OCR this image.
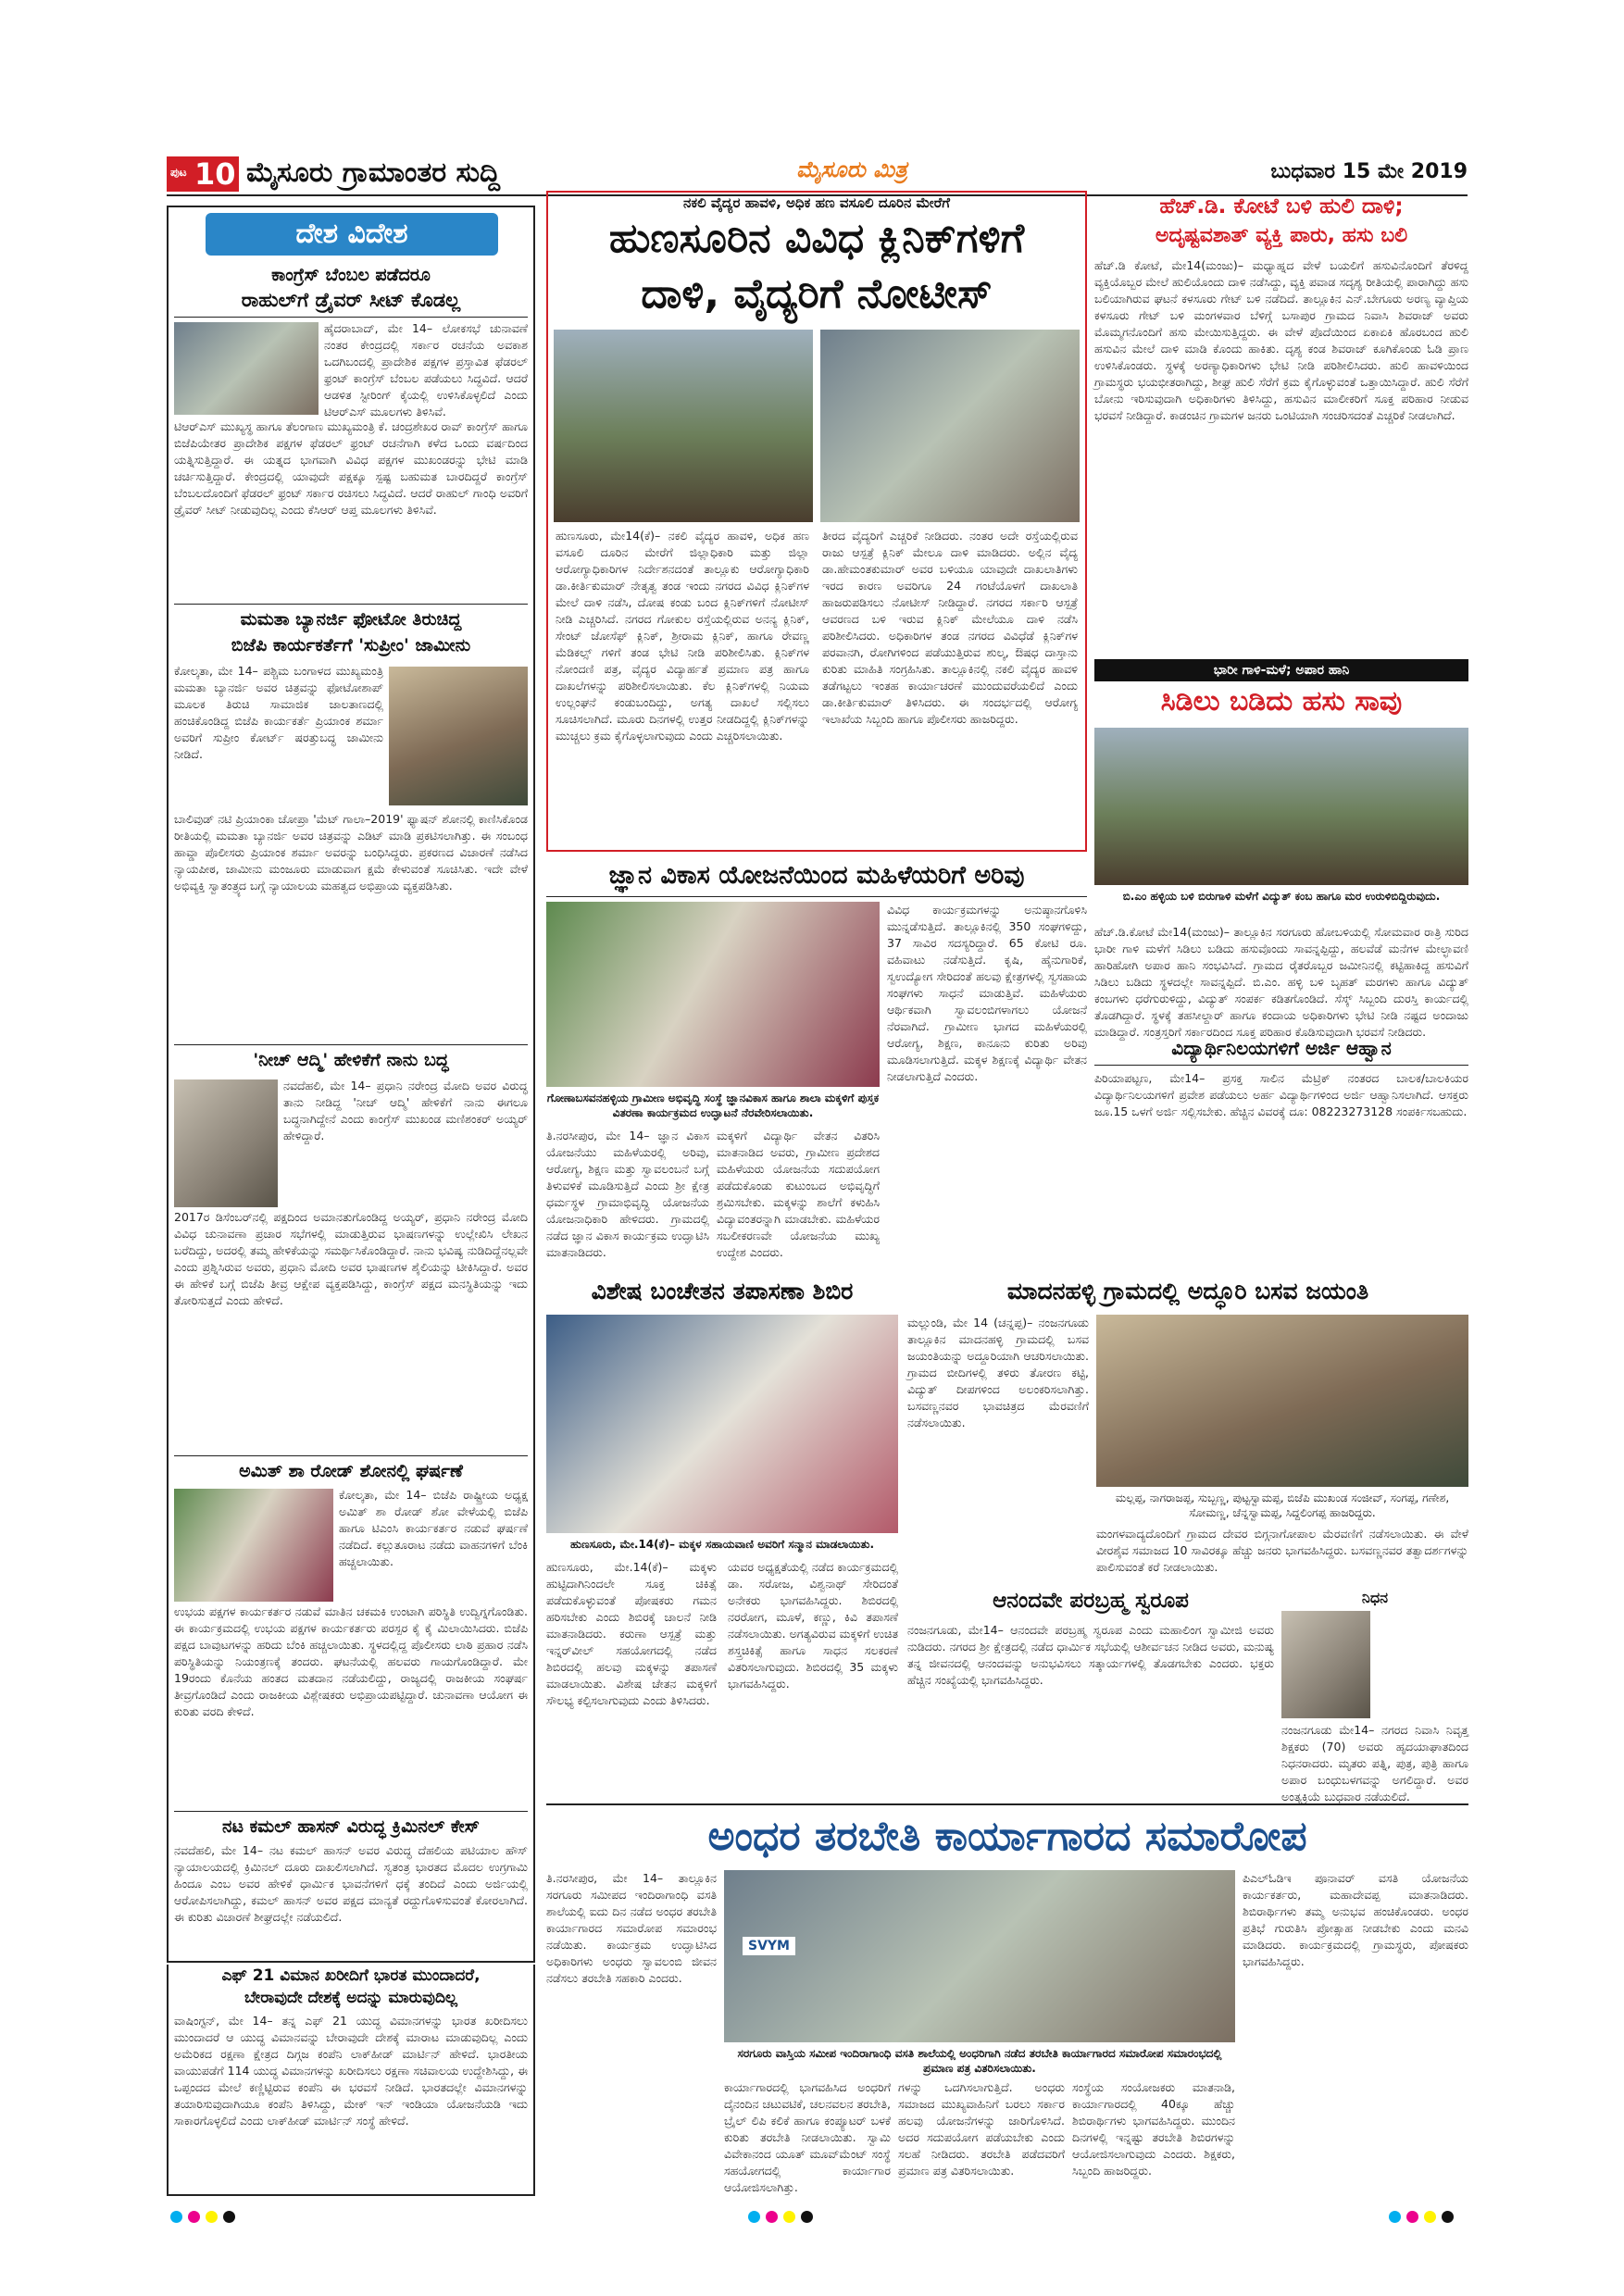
ಪುಟ 10 ಮೈಸೂರು ಗ್ರಾಮಾಂತರ ಸುದ್ದಿ	ಮೈಸೂರು ಮಿತ್ರ	ಬುಧವಾರ 15 ಮೇ 2019
ದೇಶ ವಿದೇಶ
ಕಾಂಗ್ರೆಸ್ ಬೆಂಬಲ ಪಡೆದರೂ
ರಾಹುಲ್‌ಗೆ ಡ್ರೈವರ್ ಸೀಟ್ ಕೊಡಲ್ಲ
ಹೈದರಾಬಾದ್, ಮೇ 14– ಲೋಕಸಭೆ ಚುನಾವಣೆ ನಂತರ ಕೇಂದ್ರದಲ್ಲಿ ಸರ್ಕಾರ ರಚನೆಯ ಅವಕಾಶ ಒದಗಿಬಂದಲ್ಲಿ ಪ್ರಾದೇಶಿಕ ಪಕ್ಷಗಳ ಪ್ರಸ್ತಾವಿತ ಫೆಡರಲ್ ಫ್ರಂಟ್ ಕಾಂಗ್ರೆಸ್ ಬೆಂಬಲ ಪಡೆಯಲು ಸಿದ್ಧವಿದೆ. ಆದರೆ ಆಡಳಿತ ಸ್ಟೀರಿಂಗ್ ಕೈಯಲ್ಲಿ ಉಳಿಸಿಕೊಳ್ಳಲಿದೆ ಎಂದು ಟಿಆರ್‌ಎಸ್ ಮೂಲಗಳು ತಿಳಿಸಿವೆ.
ಟಿಆರ್‌ಎಸ್ ಮುಖ್ಯಸ್ಥ ಹಾಗೂ ತೆಲಂಗಾಣ ಮುಖ್ಯಮಂತ್ರಿ ಕೆ. ಚಂದ್ರಶೇಖರ ರಾವ್ ಕಾಂಗ್ರೆಸ್ ಹಾಗೂ ಬಿಜೆಪಿಯೇತರ ಪ್ರಾದೇಶಿಕ ಪಕ್ಷಗಳ ಫೆಡರಲ್ ಫ್ರಂಟ್ ರಚನೆಗಾಗಿ ಕಳೆದ ಒಂದು ವರ್ಷದಿಂದ ಯತ್ನಿಸುತ್ತಿದ್ದಾರೆ. ಈ ಯತ್ನದ ಭಾಗವಾಗಿ ವಿವಿಧ ಪಕ್ಷಗಳ ಮುಖಂಡರನ್ನು ಭೇಟಿ ಮಾಡಿ ಚರ್ಚಿಸುತ್ತಿದ್ದಾರೆ. ಕೇಂದ್ರದಲ್ಲಿ ಯಾವುದೇ ಪಕ್ಷಕ್ಕೂ ಸ್ಪಷ್ಟ ಬಹುಮತ ಬಾರದಿದ್ದರೆ ಕಾಂಗ್ರೆಸ್ ಬೆಂಬಲದೊಂದಿಗೆ ಫೆಡರಲ್ ಫ್ರಂಟ್ ಸರ್ಕಾರ ರಚಿಸಲು ಸಿದ್ಧವಿದೆ. ಆದರೆ ರಾಹುಲ್ ಗಾಂಧಿ ಅವರಿಗೆ ಡ್ರೈವರ್ ಸೀಟ್ ನೀಡುವುದಿಲ್ಲ ಎಂದು ಕೆಸಿಆರ್ ಆಪ್ತ ಮೂಲಗಳು ತಿಳಿಸಿವೆ.
ಮಮತಾ ಬ್ಯಾನರ್ಜಿ ಫೋಟೋ ತಿರುಚಿದ್ದ
ಬಿಜೆಪಿ ಕಾರ್ಯಕರ್ತೆಗೆ 'ಸುಪ್ರೀಂ' ಜಾಮೀನು
ಕೋಲ್ಕತಾ, ಮೇ 14– ಪಶ್ಚಿಮ ಬಂಗಾಳದ ಮುಖ್ಯಮಂತ್ರಿ ಮಮತಾ ಬ್ಯಾನರ್ಜಿ ಅವರ ಚಿತ್ರವನ್ನು ಫೋಟೋಶಾಪ್ ಮೂಲಕ ತಿರುಚಿ ಸಾಮಾಜಿಕ ಜಾಲತಾಣದಲ್ಲಿ ಹಂಚಿಕೊಂಡಿದ್ದ ಬಿಜೆಪಿ ಕಾರ್ಯಕರ್ತೆ ಪ್ರಿಯಾಂಕ ಶರ್ಮಾ ಅವರಿಗೆ ಸುಪ್ರೀಂ ಕೋರ್ಟ್ ಷರತ್ತುಬದ್ಧ ಜಾಮೀನು ನೀಡಿದೆ.
ಬಾಲಿವುಡ್ ನಟಿ ಪ್ರಿಯಾಂಕಾ ಚೋಪ್ರಾ 'ಮೆಟ್ ಗಾಲಾ–2019' ಫ್ಯಾಷನ್ ಶೋನಲ್ಲಿ ಕಾಣಿಸಿಕೊಂಡ ರೀತಿಯಲ್ಲಿ ಮಮತಾ ಬ್ಯಾನರ್ಜಿ ಅವರ ಚಿತ್ರವನ್ನು ಎಡಿಟ್ ಮಾಡಿ ಪ್ರಕಟಿಸಲಾಗಿತ್ತು. ಈ ಸಂಬಂಧ ಹಾವ್ಡಾ ಪೊಲೀಸರು ಪ್ರಿಯಾಂಕ ಶರ್ಮಾ ಅವರನ್ನು ಬಂಧಿಸಿದ್ದರು. ಪ್ರಕರಣದ ವಿಚಾರಣೆ ನಡೆಸಿದ ನ್ಯಾಯಪೀಠ, ಜಾಮೀನು ಮಂಜೂರು ಮಾಡುವಾಗ ಕ್ಷಮೆ ಕೇಳುವಂತೆ ಸೂಚಿಸಿತು. ಇದೇ ವೇಳೆ ಅಭಿವ್ಯಕ್ತಿ ಸ್ವಾತಂತ್ರ್ಯದ ಬಗ್ಗೆ ನ್ಯಾಯಾಲಯ ಮಹತ್ವದ ಅಭಿಪ್ರಾಯ ವ್ಯಕ್ತಪಡಿಸಿತು.
'ನೀಚ್ ಆದ್ಮಿ' ಹೇಳಿಕೆಗೆ ನಾನು ಬದ್ಧ
ನವದೆಹಲಿ, ಮೇ 14– ಪ್ರಧಾನಿ ನರೇಂದ್ರ ಮೋದಿ ಅವರ ವಿರುದ್ಧ ತಾನು ನೀಡಿದ್ದ 'ನೀಚ್ ಆದ್ಮಿ' ಹೇಳಿಕೆಗೆ ನಾನು ಈಗಲೂ ಬದ್ಧನಾಗಿದ್ದೇನೆ ಎಂದು ಕಾಂಗ್ರೆಸ್ ಮುಖಂಡ ಮಣಿಶಂಕರ್ ಅಯ್ಯರ್ ಹೇಳಿದ್ದಾರೆ.
2017ರ ಡಿಸೆಂಬರ್‌ನಲ್ಲಿ ಪಕ್ಷದಿಂದ ಅಮಾನತುಗೊಂಡಿದ್ದ ಅಯ್ಯರ್, ಪ್ರಧಾನಿ ನರೇಂದ್ರ ಮೋದಿ ವಿವಿಧ ಚುನಾವಣಾ ಪ್ರಚಾರ ಸಭೆಗಳಲ್ಲಿ ಮಾಡುತ್ತಿರುವ ಭಾಷಣಗಳನ್ನು ಉಲ್ಲೇಖಿಸಿ ಲೇಖನ ಬರೆದಿದ್ದು, ಅದರಲ್ಲಿ ತಮ್ಮ ಹೇಳಿಕೆಯನ್ನು ಸಮರ್ಥಿಸಿಕೊಂಡಿದ್ದಾರೆ. ನಾನು ಭವಿಷ್ಯ ನುಡಿದಿದ್ದೆನಲ್ಲವೇ ಎಂದು ಪ್ರಶ್ನಿಸಿರುವ ಅವರು, ಪ್ರಧಾನಿ ಮೋದಿ ಅವರ ಭಾಷಣಗಳ ಶೈಲಿಯನ್ನು ಟೀಕಿಸಿದ್ದಾರೆ. ಅವರ ಈ ಹೇಳಿಕೆ ಬಗ್ಗೆ ಬಿಜೆಪಿ ತೀವ್ರ ಆಕ್ಷೇಪ ವ್ಯಕ್ತಪಡಿಸಿದ್ದು, ಕಾಂಗ್ರೆಸ್ ಪಕ್ಷದ ಮನಸ್ಥಿತಿಯನ್ನು ಇದು ತೋರಿಸುತ್ತದೆ ಎಂದು ಹೇಳಿದೆ.
ಅಮಿತ್ ಶಾ ರೋಡ್ ಶೋನಲ್ಲಿ ಘರ್ಷಣೆ
ಕೋಲ್ಕತಾ, ಮೇ 14– ಬಿಜೆಪಿ ರಾಷ್ಟ್ರೀಯ ಅಧ್ಯಕ್ಷ ಅಮಿತ್ ಶಾ ರೋಡ್ ಶೋ ವೇಳೆಯಲ್ಲಿ ಬಿಜೆಪಿ ಹಾಗೂ ಟಿಎಂಸಿ ಕಾರ್ಯಕರ್ತರ ನಡುವೆ ಘರ್ಷಣೆ ನಡೆದಿದೆ. ಕಲ್ಲುತೂರಾಟ ನಡೆದು ವಾಹನಗಳಿಗೆ ಬೆಂಕಿ ಹಚ್ಚಲಾಯಿತು.
ಉಭಯ ಪಕ್ಷಗಳ ಕಾರ್ಯಕರ್ತರ ನಡುವೆ ಮಾತಿನ ಚಕಮಕಿ ಉಂಟಾಗಿ ಪರಿಸ್ಥಿತಿ ಉದ್ವಿಗ್ನಗೊಂಡಿತು. ಈ ಕಾರ್ಯಕ್ರಮದಲ್ಲಿ ಉಭಯ ಪಕ್ಷಗಳ ಕಾರ್ಯಕರ್ತರು ಪರಸ್ಪರ ಕೈ ಕೈ ಮಿಲಾಯಿಸಿದರು. ಬಿಜೆಪಿ ಪಕ್ಷದ ಬಾವುಟಗಳನ್ನು ಹರಿದು ಬೆಂಕಿ ಹಚ್ಚಲಾಯಿತು. ಸ್ಥಳದಲ್ಲಿದ್ದ ಪೊಲೀಸರು ಲಾಠಿ ಪ್ರಹಾರ ನಡೆಸಿ ಪರಿಸ್ಥಿತಿಯನ್ನು ನಿಯಂತ್ರಣಕ್ಕೆ ತಂದರು. ಘಟನೆಯಲ್ಲಿ ಹಲವರು ಗಾಯಗೊಂಡಿದ್ದಾರೆ. ಮೇ 19ರಂದು ಕೊನೆಯ ಹಂತದ ಮತದಾನ ನಡೆಯಲಿದ್ದು, ರಾಜ್ಯದಲ್ಲಿ ರಾಜಕೀಯ ಸಂಘರ್ಷ ತೀವ್ರಗೊಂಡಿದೆ ಎಂದು ರಾಜಕೀಯ ವಿಶ್ಲೇಷಕರು ಅಭಿಪ್ರಾಯಪಟ್ಟಿದ್ದಾರೆ. ಚುನಾವಣಾ ಆಯೋಗ ಈ ಕುರಿತು ವರದಿ ಕೇಳಿದೆ.
ನಟ ಕಮಲ್ ಹಾಸನ್ ವಿರುದ್ಧ ಕ್ರಿಮಿನಲ್ ಕೇಸ್
ನವದೆಹಲಿ, ಮೇ 14– ನಟ ಕಮಲ್ ಹಾಸನ್ ಅವರ ವಿರುದ್ಧ ದೆಹಲಿಯ ಪಟಿಯಾಲ ಹೌಸ್ ನ್ಯಾಯಾಲಯದಲ್ಲಿ ಕ್ರಿಮಿನಲ್ ದೂರು ದಾಖಲಿಸಲಾಗಿದೆ. ಸ್ವತಂತ್ರ ಭಾರತದ ಮೊದಲ ಉಗ್ರಗಾಮಿ ಹಿಂದೂ ಎಂಬ ಅವರ ಹೇಳಿಕೆ ಧಾರ್ಮಿಕ ಭಾವನೆಗಳಿಗೆ ಧಕ್ಕೆ ತಂದಿದೆ ಎಂದು ಅರ್ಜಿಯಲ್ಲಿ ಆರೋಪಿಸಲಾಗಿದ್ದು, ಕಮಲ್ ಹಾಸನ್ ಅವರ ಪಕ್ಷದ ಮಾನ್ಯತೆ ರದ್ದುಗೊಳಿಸುವಂತೆ ಕೋರಲಾಗಿದೆ. ಈ ಕುರಿತು ವಿಚಾರಣೆ ಶೀಘ್ರದಲ್ಲೇ ನಡೆಯಲಿದೆ.
ನಕಲಿ ವೈದ್ಯರ ಹಾವಳಿ, ಅಧಿಕ ಹಣ ವಸೂಲಿ ದೂರಿನ ಮೇರೆಗೆ
ಹುಣಸೂರಿನ ವಿವಿಧ ಕ್ಲಿನಿಕ್‌ಗಳಿಗೆ
ದಾಳಿ, ವೈದ್ಯರಿಗೆ ನೋಟೀಸ್
ಹುಣಸೂರು, ಮೇ14(ಕೆ)– ನಕಲಿ ವೈದ್ಯರ ಹಾವಳಿ, ಅಧಿಕ ಹಣ ವಸೂಲಿ ದೂರಿನ ಮೇರೆಗೆ ಜಿಲ್ಲಾಧಿಕಾರಿ ಮತ್ತು ಜಿಲ್ಲಾ ಆರೋಗ್ಯಾಧಿಕಾರಿಗಳ ನಿರ್ದೇಶನದಂತೆ ತಾಲ್ಲೂಕು ಆರೋಗ್ಯಾಧಿಕಾರಿ ಡಾ.ಕೀರ್ತಿಕುಮಾರ್ ನೇತೃತ್ವ ತಂಡ ಇಂದು ನಗರದ ವಿವಿಧ ಕ್ಲಿನಿಕ್‌ಗಳ ಮೇಲೆ ದಾಳಿ ನಡೆಸಿ, ದೋಷ ಕಂಡು ಬಂದ ಕ್ಲಿನಿಕ್‌ಗಳಿಗೆ ನೋಟೀಸ್ ನೀಡಿ ಎಚ್ಚರಿಸಿದೆ. ನಗರದ ಗೋಕುಲ ರಸ್ತೆಯಲ್ಲಿರುವ ಅನನ್ಯ ಕ್ಲಿನಿಕ್, ಸೇಂಟ್ ಜೋಸೆಫ್ ಕ್ಲಿನಿಕ್, ಶ್ರೀರಾಮ ಕ್ಲಿನಿಕ್, ಹಾಗೂ ರೇವಣ್ಣ ಮೆಡಿಕಲ್ಸ್ ಗಳಿಗೆ ತಂಡ ಭೇಟಿ ನೀಡಿ ಪರಿಶೀಲಿಸಿತು. ಕ್ಲಿನಿಕ್‌ಗಳ ನೋಂದಣಿ ಪತ್ರ, ವೈದ್ಯರ ವಿದ್ಯಾರ್ಹತೆ ಪ್ರಮಾಣ ಪತ್ರ ಹಾಗೂ ದಾಖಲೆಗಳನ್ನು ಪರಿಶೀಲಿಸಲಾಯಿತು. ಕೆಲ ಕ್ಲಿನಿಕ್‌ಗಳಲ್ಲಿ ನಿಯಮ ಉಲ್ಲಂಘನೆ ಕಂಡುಬಂದಿದ್ದು, ಅಗತ್ಯ ದಾಖಲೆ ಸಲ್ಲಿಸಲು ಸೂಚಿಸಲಾಗಿದೆ. ಮೂರು ದಿನಗಳಲ್ಲಿ ಉತ್ತರ ನೀಡದಿದ್ದಲ್ಲಿ ಕ್ಲಿನಿಕ್‌ಗಳನ್ನು ಮುಚ್ಚಲು ಕ್ರಮ ಕೈಗೊಳ್ಳಲಾಗುವುದು ಎಂದು ಎಚ್ಚರಿಸಲಾಯಿತು.
ತೀರದ ವೈದ್ಯರಿಗೆ ಎಚ್ಚರಿಕೆ ನೀಡಿದರು. ನಂತರ ಅದೇ ರಸ್ತೆಯಲ್ಲಿರುವ ರಾಜು ಆಸ್ಪತ್ರೆ ಕ್ಲಿನಿಕ್ ಮೇಲೂ ದಾಳಿ ಮಾಡಿದರು. ಅಲ್ಲಿನ ವೈದ್ಯ ಡಾ.ಹೇಮಂತಕುಮಾರ್ ಅವರ ಬಳಿಯೂ ಯಾವುದೇ ದಾಖಲಾತಿಗಳು ಇರದ ಕಾರಣ ಅವರಿಗೂ 24 ಗಂಟೆಯೊಳಗೆ ದಾಖಲಾತಿ ಹಾಜರುಪಡಿಸಲು ನೋಟೀಸ್ ನೀಡಿದ್ದಾರೆ. ನಗರದ ಸರ್ಕಾರಿ ಆಸ್ಪತ್ರೆ ಆವರಣದ ಬಳಿ ಇರುವ ಕ್ಲಿನಿಕ್ ಮೇಲೆಯೂ ದಾಳಿ ನಡೆಸಿ ಪರಿಶೀಲಿಸಿದರು. ಅಧಿಕಾರಿಗಳ ತಂಡ ನಗರದ ವಿವಿಧೆಡೆ ಕ್ಲಿನಿಕ್‌ಗಳ ಪರವಾನಗಿ, ರೋಗಿಗಳಿಂದ ಪಡೆಯುತ್ತಿರುವ ಶುಲ್ಕ, ಔಷಧ ದಾಸ್ತಾನು ಕುರಿತು ಮಾಹಿತಿ ಸಂಗ್ರಹಿಸಿತು. ತಾಲ್ಲೂಕಿನಲ್ಲಿ ನಕಲಿ ವೈದ್ಯರ ಹಾವಳಿ ತಡೆಗಟ್ಟಲು ಇಂತಹ ಕಾರ್ಯಾಚರಣೆ ಮುಂದುವರೆಯಲಿದೆ ಎಂದು ಡಾ.ಕೀರ್ತಿಕುಮಾರ್ ತಿಳಿಸಿದರು. ಈ ಸಂದರ್ಭದಲ್ಲಿ ಆರೋಗ್ಯ ಇಲಾಖೆಯ ಸಿಬ್ಬಂದಿ ಹಾಗೂ ಪೊಲೀಸರು ಹಾಜರಿದ್ದರು.
ಹೆಚ್.ಡಿ. ಕೋಟೆ ಬಳಿ ಹುಲಿ ದಾಳಿ;
ಅದೃಷ್ಟವಶಾತ್ ವ್ಯಕ್ತಿ ಪಾರು, ಹಸು ಬಲಿ
ಹೆಚ್.ಡಿ ಕೋಟೆ, ಮೇ14(ಮಂಜು)– ಮಧ್ಯಾಹ್ನದ ವೇಳೆ ಬಯಲಿಗೆ ಹಸುವಿನೊಂದಿಗೆ ತೆರಳಿದ್ದ ವ್ಯಕ್ತಿಯೊಬ್ಬರ ಮೇಲೆ ಹುಲಿಯೊಂದು ದಾಳಿ ನಡೆಸಿದ್ದು, ವ್ಯಕ್ತಿ ಪವಾಡ ಸದೃಶ್ಯ ರೀತಿಯಲ್ಲಿ ಪಾರಾಗಿದ್ದು ಹಸು ಬಲಿಯಾಗಿರುವ ಘಟನೆ ಕಳಸೂರು ಗೇಟ್ ಬಳಿ ನಡೆದಿದೆ. ತಾಲ್ಲೂಕಿನ ಎನ್.ಬೇಗೂರು ಅರಣ್ಯ ವ್ಯಾಪ್ತಿಯ ಕಳಸೂರು ಗೇಟ್ ಬಳಿ ಮಂಗಳವಾರ ಬೆಳಿಗ್ಗೆ ಬಸಾಪುರ ಗ್ರಾಮದ ನಿವಾಸಿ ಶಿವರಾಜ್ ಅವರು ಮೊಮ್ಮಗನೊಂದಿಗೆ ಹಸು ಮೇಯಿಸುತ್ತಿದ್ದರು. ಈ ವೇಳೆ ಪೊದೆಯಿಂದ ಏಕಾಏಕಿ ಹೊರಬಂದ ಹುಲಿ ಹಸುವಿನ ಮೇಲೆ ದಾಳಿ ಮಾಡಿ ಕೊಂದು ಹಾಕಿತು. ದೃಶ್ಯ ಕಂಡ ಶಿವರಾಜ್ ಕೂಗಿಕೊಂಡು ಓಡಿ ಪ್ರಾಣ ಉಳಿಸಿಕೊಂಡರು. ಸ್ಥಳಕ್ಕೆ ಅರಣ್ಯಾಧಿಕಾರಿಗಳು ಭೇಟಿ ನೀಡಿ ಪರಿಶೀಲಿಸಿದರು. ಹುಲಿ ಹಾವಳಿಯಿಂದ ಗ್ರಾಮಸ್ಥರು ಭಯಭೀತರಾಗಿದ್ದು, ಶೀಘ್ರ ಹುಲಿ ಸೆರೆಗೆ ಕ್ರಮ ಕೈಗೊಳ್ಳುವಂತೆ ಒತ್ತಾಯಿಸಿದ್ದಾರೆ. ಹುಲಿ ಸೆರೆಗೆ ಬೋನು ಇರಿಸುವುದಾಗಿ ಅಧಿಕಾರಿಗಳು ತಿಳಿಸಿದ್ದು, ಹಸುವಿನ ಮಾಲೀಕರಿಗೆ ಸೂಕ್ತ ಪರಿಹಾರ ನೀಡುವ ಭರವಸೆ ನೀಡಿದ್ದಾರೆ. ಕಾಡಂಚಿನ ಗ್ರಾಮಗಳ ಜನರು ಒಂಟಿಯಾಗಿ ಸಂಚರಿಸದಂತೆ ಎಚ್ಚರಿಕೆ ನೀಡಲಾಗಿದೆ.
ಭಾರೀ ಗಾಳಿ-ಮಳೆ; ಅಪಾರ ಹಾನಿ
ಸಿಡಿಲು ಬಡಿದು ಹಸು ಸಾವು
ಬಿ.ಎಂ ಹಳ್ಳಿಯ ಬಳಿ ಬಿರುಗಾಳಿ ಮಳೆಗೆ ವಿದ್ಯುತ್ ಕಂಬ ಹಾಗೂ ಮರ ಉರುಳಿಬಿದ್ದಿರುವುದು.
ಹೆಚ್.ಡಿ.ಕೋಟೆ ಮೇ14(ಮಂಜು)– ತಾಲ್ಲೂಕಿನ ಸರಗೂರು ಹೋಬಳಿಯಲ್ಲಿ ಸೋಮವಾರ ರಾತ್ರಿ ಸುರಿದ ಭಾರೀ ಗಾಳಿ ಮಳೆಗೆ ಸಿಡಿಲು ಬಡಿದು ಹಸುವೊಂದು ಸಾವನ್ನಪ್ಪಿದ್ದು, ಹಲವೆಡೆ ಮನೆಗಳ ಮೇಲ್ಛಾವಣಿ ಹಾರಿಹೋಗಿ ಅಪಾರ ಹಾನಿ ಸಂಭವಿಸಿದೆ. ಗ್ರಾಮದ ರೈತರೊಬ್ಬರ ಜಮೀನಿನಲ್ಲಿ ಕಟ್ಟಿಹಾಕಿದ್ದ ಹಸುವಿಗೆ ಸಿಡಿಲು ಬಡಿದು ಸ್ಥಳದಲ್ಲೇ ಸಾವನ್ನಪ್ಪಿದೆ. ಬಿ.ಎಂ. ಹಳ್ಳಿ ಬಳಿ ಬೃಹತ್ ಮರಗಳು ಹಾಗೂ ವಿದ್ಯುತ್ ಕಂಬಗಳು ಧರೆಗುರುಳಿದ್ದು, ವಿದ್ಯುತ್ ಸಂಪರ್ಕ ಕಡಿತಗೊಂಡಿದೆ. ಸೆಸ್ಕ್ ಸಿಬ್ಬಂದಿ ದುರಸ್ತಿ ಕಾರ್ಯದಲ್ಲಿ ತೊಡಗಿದ್ದಾರೆ. ಸ್ಥಳಕ್ಕೆ ತಹಸೀಲ್ದಾರ್ ಹಾಗೂ ಕಂದಾಯ ಅಧಿಕಾರಿಗಳು ಭೇಟಿ ನೀಡಿ ನಷ್ಟದ ಅಂದಾಜು ಮಾಡಿದ್ದಾರೆ. ಸಂತ್ರಸ್ತರಿಗೆ ಸರ್ಕಾರದಿಂದ ಸೂಕ್ತ ಪರಿಹಾರ ಕೊಡಿಸುವುದಾಗಿ ಭರವಸೆ ನೀಡಿದರು.
ಜ್ಞಾನ ವಿಕಾಸ ಯೋಜನೆಯಿಂದ ಮಹಿಳೆಯರಿಗೆ ಅರಿವು
ಗೋಣಾಬಸವನಹಳ್ಳಿಯ ಗ್ರಾಮೀಣ ಅಭಿವೃದ್ಧಿ ಸಂಸ್ಥೆ ಜ್ಞಾನವಿಕಾಸ ಹಾಗೂ ಶಾಲಾ ಮಕ್ಕಳಿಗೆ ಪುಸ್ತಕ ವಿತರಣಾ ಕಾರ್ಯಕ್ರಮದ ಉದ್ಘಾಟನೆ ನೆರವೇರಿಸಲಾಯಿತು.
ವಿವಿಧ ಕಾರ್ಯಕ್ರಮಗಳನ್ನು ಅನುಷ್ಠಾನಗೊಳಿಸಿ ಮುನ್ನಡೆಸುತ್ತಿದೆ. ತಾಲ್ಲೂಕಿನಲ್ಲಿ 350 ಸಂಘಗಳಿದ್ದು, 37 ಸಾವಿರ ಸದಸ್ಯರಿದ್ದಾರೆ. 65 ಕೋಟಿ ರೂ. ವಹಿವಾಟು ನಡೆಸುತ್ತಿದೆ. ಕೃಷಿ, ಹೈನುಗಾರಿಕೆ, ಸ್ವಉದ್ಯೋಗ ಸೇರಿದಂತೆ ಹಲವು ಕ್ಷೇತ್ರಗಳಲ್ಲಿ ಸ್ವಸಹಾಯ ಸಂಘಗಳು ಸಾಧನೆ ಮಾಡುತ್ತಿವೆ. ಮಹಿಳೆಯರು ಆರ್ಥಿಕವಾಗಿ ಸ್ವಾವಲಂಬಿಗಳಾಗಲು ಯೋಜನೆ ನೆರವಾಗಿದೆ. ಗ್ರಾಮೀಣ ಭಾಗದ ಮಹಿಳೆಯರಲ್ಲಿ ಆರೋಗ್ಯ, ಶಿಕ್ಷಣ, ಕಾನೂನು ಕುರಿತು ಅರಿವು ಮೂಡಿಸಲಾಗುತ್ತಿದೆ. ಮಕ್ಕಳ ಶಿಕ್ಷಣಕ್ಕೆ ವಿದ್ಯಾರ್ಥಿ ವೇತನ ನೀಡಲಾಗುತ್ತಿದೆ ಎಂದರು.
ತಿ.ನರಸೀಪುರ, ಮೇ 14– ಜ್ಞಾನ ವಿಕಾಸ ಯೋಜನೆಯು ಮಹಿಳೆಯರಲ್ಲಿ ಅರಿವು, ಆರೋಗ್ಯ, ಶಿಕ್ಷಣ ಮತ್ತು ಸ್ವಾವಲಂಬನೆ ಬಗ್ಗೆ ತಿಳುವಳಿಕೆ ಮೂಡಿಸುತ್ತಿದೆ ಎಂದು ಶ್ರೀ ಕ್ಷೇತ್ರ ಧರ್ಮಸ್ಥಳ ಗ್ರಾಮಾಭಿವೃದ್ಧಿ ಯೋಜನೆಯ ಯೋಜನಾಧಿಕಾರಿ ಹೇಳಿದರು. ಗ್ರಾಮದಲ್ಲಿ ನಡೆದ ಜ್ಞಾನ ವಿಕಾಸ ಕಾರ್ಯಕ್ರಮ ಉದ್ಘಾಟಿಸಿ ಮಾತನಾಡಿದರು.
ಮಕ್ಕಳಿಗೆ ವಿದ್ಯಾರ್ಥಿ ವೇತನ ವಿತರಿಸಿ ಮಾತನಾಡಿದ ಅವರು, ಗ್ರಾಮೀಣ ಪ್ರದೇಶದ ಮಹಿಳೆಯರು ಯೋಜನೆಯ ಸದುಪಯೋಗ ಪಡೆದುಕೊಂಡು ಕುಟುಂಬದ ಅಭಿವೃದ್ಧಿಗೆ ಶ್ರಮಿಸಬೇಕು. ಮಕ್ಕಳನ್ನು ಶಾಲೆಗೆ ಕಳುಹಿಸಿ ವಿದ್ಯಾವಂತರನ್ನಾಗಿ ಮಾಡಬೇಕು. ಮಹಿಳೆಯರ ಸಬಲೀಕರಣವೇ ಯೋಜನೆಯ ಮುಖ್ಯ ಉದ್ದೇಶ ಎಂದರು.
ವಿದ್ಯಾರ್ಥಿನಿಲಯಗಳಿಗೆ ಅರ್ಜಿ ಆಹ್ವಾನ
ಪಿರಿಯಾಪಟ್ಟಣ, ಮೇ14– ಪ್ರಸಕ್ತ ಸಾಲಿನ ಮೆಟ್ರಿಕ್ ನಂತರದ ಬಾಲಕ/ಬಾಲಕಿಯರ ವಿದ್ಯಾರ್ಥಿನಿಲಯಗಳಿಗೆ ಪ್ರವೇಶ ಪಡೆಯಲು ಅರ್ಹ ವಿದ್ಯಾರ್ಥಿಗಳಿಂದ ಅರ್ಜಿ ಆಹ್ವಾನಿಸಲಾಗಿದೆ. ಆಸಕ್ತರು ಜೂ.15 ಒಳಗೆ ಅರ್ಜಿ ಸಲ್ಲಿಸಬೇಕು. ಹೆಚ್ಚಿನ ವಿವರಕ್ಕೆ ದೂ: 08223273128 ಸಂಪರ್ಕಿಸಬಹುದು.
ವಿಶೇಷ ಬಂಚೇತನ ತಪಾಸಣಾ ಶಿಬಿರ
ಹುಣಸೂರು, ಮೇ.14(ಕೆ)– ಮಕ್ಕಳ ಸಹಾಯವಾಣಿ ಅವರಿಗೆ ಸನ್ಮಾನ ಮಾಡಲಾಯಿತು.
ಹುಣಸೂರು, ಮೇ.14(ಕೆ)– ಮಕ್ಕಳು ಹುಟ್ಟಿದಾಗಿನಿಂದಲೇ ಸೂಕ್ತ ಚಿಕಿತ್ಸೆ ಪಡೆದುಕೊಳ್ಳುವಂತೆ ಪೋಷಕರು ಗಮನ ಹರಿಸಬೇಕು ಎಂದು ಶಿಬಿರಕ್ಕೆ ಚಾಲನೆ ನೀಡಿ ಮಾತನಾಡಿದರು. ಕರುಣಾ ಆಸ್ಪತ್ರೆ ಮತ್ತು ಇನ್ನರ್‌ವೀಲ್ ಸಹಯೋಗದಲ್ಲಿ ನಡೆದ ಶಿಬಿರದಲ್ಲಿ ಹಲವು ಮಕ್ಕಳನ್ನು ತಪಾಸಣೆ ಮಾಡಲಾಯಿತು. ವಿಶೇಷ ಚೇತನ ಮಕ್ಕಳಿಗೆ ಸೌಲಭ್ಯ ಕಲ್ಪಿಸಲಾಗುವುದು ಎಂದು ತಿಳಿಸಿದರು.
ಯವರ ಅಧ್ಯಕ್ಷತೆಯಲ್ಲಿ ನಡೆದ ಕಾರ್ಯಕ್ರಮದಲ್ಲಿ ಡಾ. ಸರೋಜ, ವಿಶ್ವನಾಥ್ ಸೇರಿದಂತೆ ಅನೇಕರು ಭಾಗವಹಿಸಿದ್ದರು. ಶಿಬಿರದಲ್ಲಿ ನರರೋಗ, ಮೂಳೆ, ಕಣ್ಣು, ಕಿವಿ ತಪಾಸಣೆ ನಡೆಸಲಾಯಿತು. ಅಗತ್ಯವಿರುವ ಮಕ್ಕಳಿಗೆ ಉಚಿತ ಶಸ್ತ್ರಚಿಕಿತ್ಸೆ ಹಾಗೂ ಸಾಧನ ಸಲಕರಣೆ ವಿತರಿಸಲಾಗುವುದು. ಶಿಬಿರದಲ್ಲಿ 35 ಮಕ್ಕಳು ಭಾಗವಹಿಸಿದ್ದರು.
ಮಾದನಹಳ್ಳಿ ಗ್ರಾಮದಲ್ಲಿ ಅದ್ಧೂರಿ ಬಸವ ಜಯಂತಿ
ಮಲ್ಲುಂಡಿ, ಮೇ 14 (ಚನ್ನಪ್ಪ)– ನಂಜನಗೂಡು ತಾಲ್ಲೂಕಿನ ಮಾದನಹಳ್ಳಿ ಗ್ರಾಮದಲ್ಲಿ ಬಸವ ಜಯಂತಿಯನ್ನು ಅದ್ದೂರಿಯಾಗಿ ಆಚರಿಸಲಾಯಿತು. ಗ್ರಾಮದ ಬೀದಿಗಳಲ್ಲಿ ತಳಿರು ತೋರಣ ಕಟ್ಟಿ, ವಿದ್ಯುತ್ ದೀಪಗಳಿಂದ ಅಲಂಕರಿಸಲಾಗಿತ್ತು. ಬಸವಣ್ಣನವರ ಭಾವಚಿತ್ರದ ಮೆರವಣಿಗೆ ನಡೆಸಲಾಯಿತು.
ಮಲ್ಲಪ್ಪ, ನಾಗರಾಜಪ್ಪ, ಸುಬ್ಬಣ್ಣ, ಪುಟ್ಟಸ್ವಾಮಪ್ಪ, ಬಿಜೆಪಿ ಮುಖಂಡ ಸಂಜೀವ್, ಸಂಗಪ್ಪ, ಗಣೇಶ, ಸೋಮಣ್ಣ, ಚೆನ್ನಸ್ವಾಮಪ್ಪ, ಸಿದ್ದಲಿಂಗಪ್ಪ ಹಾಜರಿದ್ದರು.
ಮಂಗಳವಾದ್ಯದೊಂದಿಗೆ ಗ್ರಾಮದ ದೇವರ ಬಿಗ್ಗನಾಗೋಪಾಲ ಮೆರವಣಿಗೆ ನಡೆಸಲಾಯಿತು. ಈ ವೇಳೆ ವೀರಶೈವ ಸಮಾಜದ 10 ಸಾವಿರಕ್ಕೂ ಹೆಚ್ಚು ಜನರು ಭಾಗವಹಿಸಿದ್ದರು. ಬಸವಣ್ಣನವರ ತತ್ವಾದರ್ಶಗಳನ್ನು ಪಾಲಿಸುವಂತೆ ಕರೆ ನೀಡಲಾಯಿತು.
ಆನಂದವೇ ಪರಬ್ರಹ್ಮ ಸ್ವರೂಪ
ನಂಜನಗೂಡು, ಮೇ14– ಆನಂದವೇ ಪರಬ್ರಹ್ಮ ಸ್ವರೂಪ ಎಂದು ಮಹಾಲಿಂಗ ಸ್ವಾಮೀಜಿ ಅವರು ನುಡಿದರು. ನಗರದ ಶ್ರೀ ಕ್ಷೇತ್ರದಲ್ಲಿ ನಡೆದ ಧಾರ್ಮಿಕ ಸಭೆಯಲ್ಲಿ ಆಶೀರ್ವಚನ ನೀಡಿದ ಅವರು, ಮನುಷ್ಯ ತನ್ನ ಜೀವನದಲ್ಲಿ ಆನಂದವನ್ನು ಅನುಭವಿಸಲು ಸತ್ಕಾರ್ಯಗಳಲ್ಲಿ ತೊಡಗಬೇಕು ಎಂದರು. ಭಕ್ತರು ಹೆಚ್ಚಿನ ಸಂಖ್ಯೆಯಲ್ಲಿ ಭಾಗವಹಿಸಿದ್ದರು.
ನಿಧನ
ನಂಜನಗೂಡು ಮೇ14– ನಗರದ ನಿವಾಸಿ ನಿವೃತ್ತ ಶಿಕ್ಷಕರು (70) ಅವರು ಹೃದಯಾಘಾತದಿಂದ ನಿಧನರಾದರು. ಮೃತರು ಪತ್ನಿ, ಪುತ್ರ, ಪುತ್ರಿ ಹಾಗೂ ಅಪಾರ ಬಂಧುಬಳಗವನ್ನು ಅಗಲಿದ್ದಾರೆ. ಅವರ ಅಂತ್ಯಕ್ರಿಯೆ ಬುಧವಾರ ನಡೆಯಲಿದೆ.
ಅಂಧರ ತರಬೇತಿ ಕಾರ್ಯಾಗಾರದ ಸಮಾರೋಪ
ತಿ.ನರಸೀಪುರ, ಮೇ 14– ತಾಲ್ಲೂಕಿನ ಸರಗೂರು ಸಮೀಪದ ಇಂದಿರಾಗಾಂಧಿ ವಸತಿ ಶಾಲೆಯಲ್ಲಿ ಐದು ದಿನ ನಡೆದ ಅಂಧರ ತರಬೇತಿ ಕಾರ್ಯಾಗಾರದ ಸಮಾರೋಪ ಸಮಾರಂಭ ನಡೆಯಿತು. ಕಾರ್ಯಕ್ರಮ ಉದ್ಘಾಟಿಸಿದ ಅಧಿಕಾರಿಗಳು ಅಂಧರು ಸ್ವಾವಲಂಬಿ ಜೀವನ ನಡೆಸಲು ತರಬೇತಿ ಸಹಕಾರಿ ಎಂದರು.
SVYM
ಸರಗೂರು ವಾಸ್ತಿಯ ಸಮೀಪ ಇಂದಿರಾಗಾಂಧಿ ವಸತಿ ಶಾಲೆಯಲ್ಲಿ ಅಂಧರಿಗಾಗಿ ನಡೆದ ತರಬೇತಿ ಕಾರ್ಯಾಗಾರದ ಸಮಾರೋಪ ಸಮಾರಂಭದಲ್ಲಿ ಪ್ರಮಾಣ ಪತ್ರ ವಿತರಿಸಲಾಯಿತು.
ಪಿಎಲ್‌ಓಡಿಇ ಪೂನಾವರ್ ವಸತಿ ಯೋಜನೆಯ ಕಾರ್ಯಕರ್ತರು, ಮಹಾದೇವಪ್ಪ ಮಾತನಾಡಿದರು. ಶಿಬಿರಾರ್ಥಿಗಳು ತಮ್ಮ ಅನುಭವ ಹಂಚಿಕೊಂಡರು. ಅಂಧರ ಪ್ರತಿಭೆ ಗುರುತಿಸಿ ಪ್ರೋತ್ಸಾಹ ನೀಡಬೇಕು ಎಂದು ಮನವಿ ಮಾಡಿದರು. ಕಾರ್ಯಕ್ರಮದಲ್ಲಿ ಗ್ರಾಮಸ್ಥರು, ಪೋಷಕರು ಭಾಗವಹಿಸಿದ್ದರು.
ಕಾರ್ಯಾಗಾರದಲ್ಲಿ ಭಾಗವಹಿಸಿದ ಅಂಧರಿಗೆ ದೈನಂದಿನ ಚಟುವಟಿಕೆ, ಚಲನವಲನ ತರಬೇತಿ, ಬ್ರೈಲ್ ಲಿಪಿ ಕಲಿಕೆ ಹಾಗೂ ಕಂಪ್ಯೂಟರ್ ಬಳಕೆ ಕುರಿತು ತರಬೇತಿ ನೀಡಲಾಯಿತು. ಸ್ವಾಮಿ ವಿವೇಕಾನಂದ ಯೂತ್ ಮೂವ್‌ಮೆಂಟ್ ಸಂಸ್ಥೆ ಸಹಯೋಗದಲ್ಲಿ ಕಾರ್ಯಾಗಾರ ಆಯೋಜಿಸಲಾಗಿತ್ತು.
ಗಳನ್ನು ಒದಗಿಸಲಾಗುತ್ತಿದೆ. ಅಂಧರು ಸಮಾಜದ ಮುಖ್ಯವಾಹಿನಿಗೆ ಬರಲು ಸರ್ಕಾರ ಹಲವು ಯೋಜನೆಗಳನ್ನು ಜಾರಿಗೊಳಿಸಿದೆ. ಅದರ ಸದುಪಯೋಗ ಪಡೆಯಬೇಕು ಎಂದು ಸಲಹೆ ನೀಡಿದರು. ತರಬೇತಿ ಪಡೆದವರಿಗೆ ಪ್ರಮಾಣ ಪತ್ರ ವಿತರಿಸಲಾಯಿತು.
ಸಂಸ್ಥೆಯ ಸಂಯೋಜಕರು ಮಾತನಾಡಿ, ಕಾರ್ಯಾಗಾರದಲ್ಲಿ 40ಕ್ಕೂ ಹೆಚ್ಚು ಶಿಬಿರಾರ್ಥಿಗಳು ಭಾಗವಹಿಸಿದ್ದರು. ಮುಂದಿನ ದಿನಗಳಲ್ಲಿ ಇನ್ನಷ್ಟು ತರಬೇತಿ ಶಿಬಿರಗಳನ್ನು ಆಯೋಜಿಸಲಾಗುವುದು ಎಂದರು. ಶಿಕ್ಷಕರು, ಸಿಬ್ಬಂದಿ ಹಾಜರಿದ್ದರು.
ಎಫ್ 21 ವಿಮಾನ ಖರೀದಿಗೆ ಭಾರತ ಮುಂದಾದರೆ,
ಬೇರಾವುದೇ ದೇಶಕ್ಕೆ ಅದನ್ನು ಮಾರುವುದಿಲ್ಲ
ವಾಷಿಂಗ್ಟನ್, ಮೇ 14– ತನ್ನ ಎಫ್ 21 ಯುದ್ಧ ವಿಮಾನಗಳನ್ನು ಭಾರತ ಖರೀದಿಸಲು ಮುಂದಾದರೆ ಆ ಯುದ್ಧ ವಿಮಾನವನ್ನು ಬೇರಾವುದೇ ದೇಶಕ್ಕೆ ಮಾರಾಟ ಮಾಡುವುದಿಲ್ಲ ಎಂದು ಅಮೆರಿಕದ ರಕ್ಷಣಾ ಕ್ಷೇತ್ರದ ದಿಗ್ಗಜ ಕಂಪೆನಿ ಲಾಕ್‌ಹೀಡ್ ಮಾರ್ಟಿನ್ ಹೇಳಿದೆ. ಭಾರತೀಯ ವಾಯುಪಡೆಗೆ 114 ಯುದ್ಧ ವಿಮಾನಗಳನ್ನು ಖರೀದಿಸಲು ರಕ್ಷಣಾ ಸಚಿವಾಲಯ ಉದ್ದೇಶಿಸಿದ್ದು, ಈ ಒಪ್ಪಂದದ ಮೇಲೆ ಕಣ್ಣಿಟ್ಟಿರುವ ಕಂಪೆನಿ ಈ ಭರವಸೆ ನೀಡಿದೆ. ಭಾರತದಲ್ಲೇ ವಿಮಾನಗಳನ್ನು ತಯಾರಿಸುವುದಾಗಿಯೂ ಕಂಪೆನಿ ತಿಳಿಸಿದ್ದು, ಮೇಕ್ ಇನ್ ಇಂಡಿಯಾ ಯೋಜನೆಯಡಿ ಇದು ಸಾಕಾರಗೊಳ್ಳಲಿದೆ ಎಂದು ಲಾಕ್‌ಹೀಡ್ ಮಾರ್ಟಿನ್ ಸಂಸ್ಥೆ ಹೇಳಿದೆ.
